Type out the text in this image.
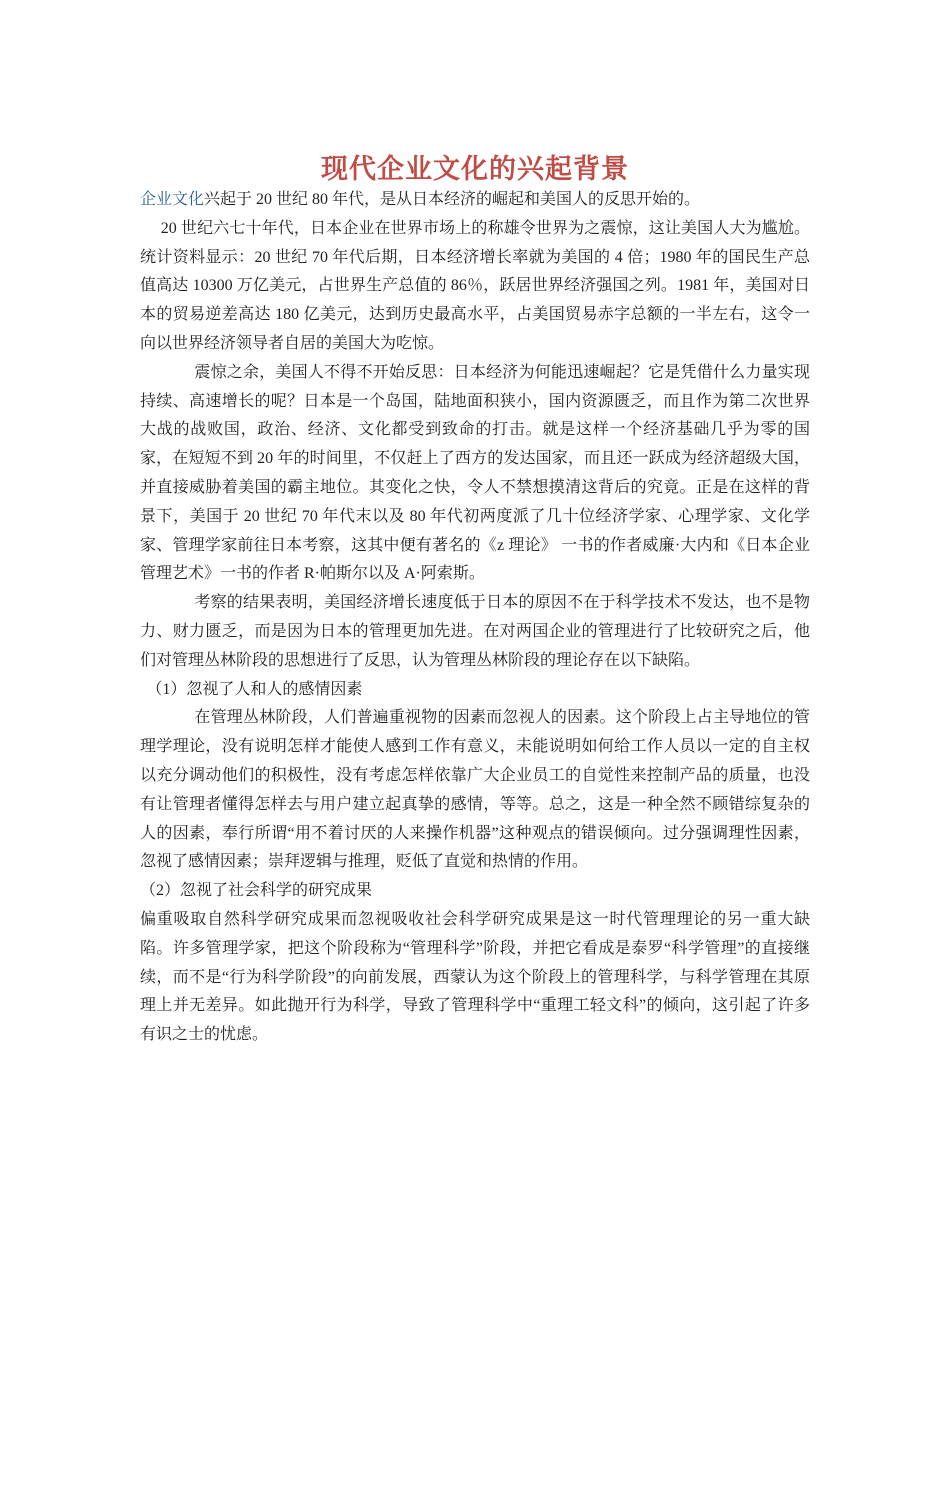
现代企业文化的兴起背景

企业文化兴起于 20 世纪 80 年代，是从日本经济的崛起和美国人的反思开始的。

20 世纪六七十年代，日本企业在世界市场上的称雄令世界为之震惊，这让美国人大为尴尬。统计资料显示：20 世纪 70 年代后期，日本经济增长率就为美国的 4 倍；1980 年的国民生产总值高达 10300 万亿美元，占世界生产总值的 86％，跃居世界经济强国之列。1981 年，美国对日本的贸易逆差高达 180 亿美元，达到历史最高水平，占美国贸易赤字总额的一半左右，这令一向以世界经济领导者自居的美国大为吃惊。

震惊之余，美国人不得不开始反思：日本经济为何能迅速崛起？它是凭借什么力量实现持续、高速增长的呢？日本是一个岛国，陆地面积狭小，国内资源匮乏，而且作为第二次世界大战的战败国，政治、经济、文化都受到致命的打击。就是这样一个经济基础几乎为零的国家，在短短不到 20 年的时间里，不仅赶上了西方的发达国家，而且还一跃成为经济超级大国，并直接威胁着美国的霸主地位。其变化之快，令人不禁想摸清这背后的究竟。正是在这样的背景下，美国于 20 世纪 70 年代末以及 80 年代初两度派了几十位经济学家、心理学家、文化学家、管理学家前往日本考察，这其中便有著名的《z 理论》 一书的作者威廉·大内和《日本企业管理艺术》一书的作者 R·帕斯尔以及 A·阿索斯。

考察的结果表明，美国经济增长速度低于日本的原因不在于科学技术不发达，也不是物力、财力匮乏，而是因为日本的管理更加先进。在对两国企业的管理进行了比较研究之后，他们对管理丛林阶段的思想进行了反思，认为管理丛林阶段的理论存在以下缺陷。

（1）忽视了人和人的感情因素

在管理丛林阶段，人们普遍重视物的因素而忽视人的因素。这个阶段上占主导地位的管理学理论，没有说明怎样才能使人感到工作有意义，未能说明如何给工作人员以一定的自主权以充分调动他们的积极性，没有考虑怎样依靠广大企业员工的自觉性来控制产品的质量，也没有让管理者懂得怎样去与用户建立起真挚的感情，等等。总之，这是一种全然不顾错综复杂的人的因素，奉行所谓“用不着讨厌的人来操作机器”这种观点的错误倾向。过分强调理性因素，忽视了感情因素；崇拜逻辑与推理，贬低了直觉和热情的作用。

（2）忽视了社会科学的研究成果

偏重吸取自然科学研究成果而忽视吸收社会科学研究成果是这一时代管理理论的另一重大缺陷。许多管理学家，把这个阶段称为“管理科学”阶段，并把它看成是泰罗“科学管理”的直接继续，而不是“行为科学阶段”的向前发展，西蒙认为这个阶段上的管理科学，与科学管理在其原理上并无差异。如此抛开行为科学，导致了管理科学中“重理工轻文科”的倾向，这引起了许多有识之士的忧虑。
